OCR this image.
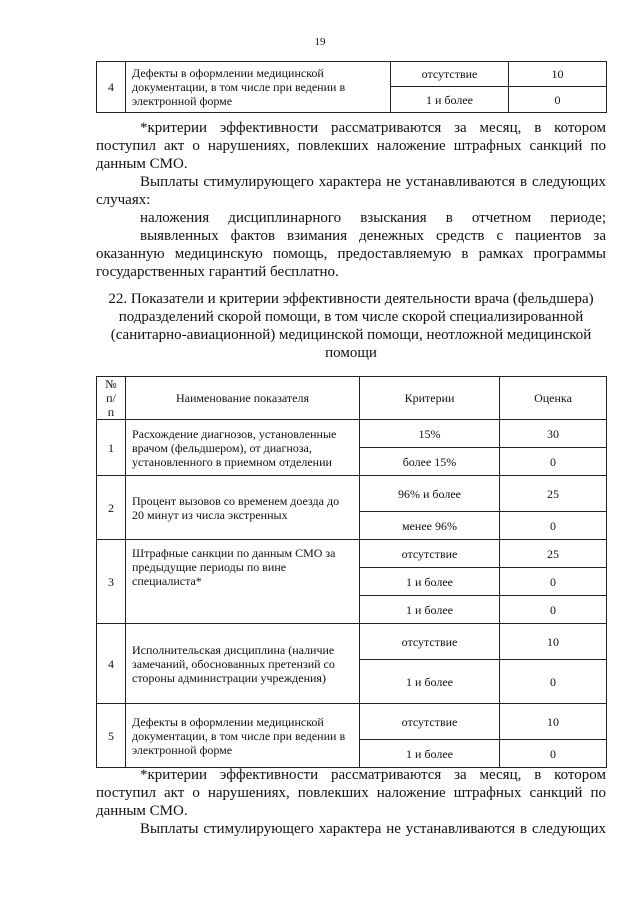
19
4	Дефекты в оформлении медицинской документации, в том числе при ведении в электронной форме	отсутствие	10
		1 и более	0
*критерии эффективности рассматриваются за месяц, в котором поступил акт о нарушениях, повлекших наложение штрафных санкций по данным СМО.
Выплаты стимулирующего характера не устанавливаются в следующих случаях:
наложения дисциплинарного взыскания в отчетном периоде;
выявленных фактов взимания денежных средств с пациентов за оказанную медицинскую помощь, предоставляемую в рамках программы государственных гарантий бесплатно.
22. Показатели и критерии эффективности деятельности врача (фельдшера) подразделений скорой помощи, в том числе скорой специализированной (санитарно-авиационной) медицинской помощи, неотложной медицинской помощи
№ п/п	Наименование показателя	Критерии	Оценка
1	Расхождение диагнозов, установленные врачом (фельдшером), от диагноза, установленного в приемном отделении	15%	30
		более 15%	0
2	Процент вызовов со временем доезда до 20 минут из числа экстренных	96% и более	25
		менее 96%	0
3	Штрафные санкции по данным СМО за предыдущие периоды по вине специалиста*	отсутствие	25
		1 и более	0
		1 и более	0
4	Исполнительская дисциплина (наличие замечаний, обоснованных претензий со стороны администрации учреждения)	отсутствие	10
		1 и более	0
5	Дефекты в оформлении медицинской документации, в том числе при ведении в электронной форме	отсутствие	10
		1 и более	0
*критерии эффективности рассматриваются за месяц, в котором поступил акт о нарушениях, повлекших наложение штрафных санкций по данным СМО.
Выплаты стимулирующего характера не устанавливаются в следующих
